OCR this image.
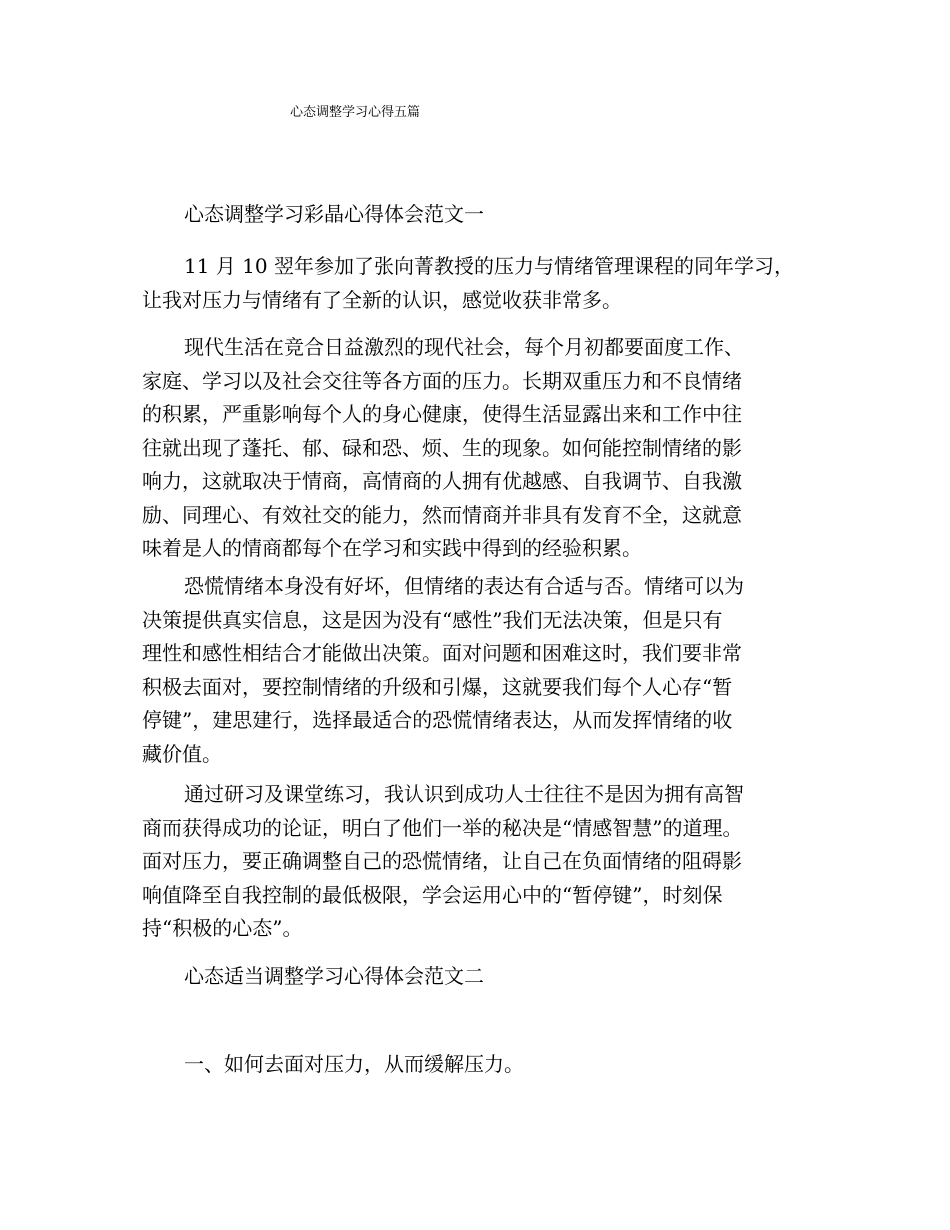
心态调整学习心得五篇
心态调整学习彩晶心得体会范文一
11 月 10 翌年参加了张向菁教授的压力与情绪管理课程的同年学习，
让我对压力与情绪有了全新的认识，感觉收获非常多。
现代生活在竞合日益激烈的现代社会，每个月初都要面度工作、
家庭、学习以及社会交往等各方面的压力。长期双重压力和不良情绪
的积累，严重影响每个人的身心健康，使得生活显露出来和工作中往
往就出现了蓬托、郁、碌和恐、烦、生的现象。如何能控制情绪的影
响力，这就取决于情商，高情商的人拥有优越感、自我调节、自我激
励、同理心、有效社交的能力，然而情商并非具有发育不全，这就意
味着是人的情商都每个在学习和实践中得到的经验积累。
恐慌情绪本身没有好坏，但情绪的表达有合适与否。情绪可以为
决策提供真实信息，这是因为没有“感性”我们无法决策，但是只有
理性和感性相结合才能做出决策。面对问题和困难这时，我们要非常
积极去面对，要控制情绪的升级和引爆，这就要我们每个人心存“暂
停键”，建思建行，选择最适合的恐慌情绪表达，从而发挥情绪的收
藏价值。
通过研习及课堂练习，我认识到成功人士往往不是因为拥有高智
商而获得成功的论证，明白了他们一举的秘决是“情感智慧”的道理。
面对压力，要正确调整自己的恐慌情绪，让自己在负面情绪的阻碍影
响值降至自我控制的最低极限，学会运用心中的“暂停键”，时刻保
持“积极的心态”。
心态适当调整学习心得体会范文二
一、如何去面对压力，从而缓解压力。
